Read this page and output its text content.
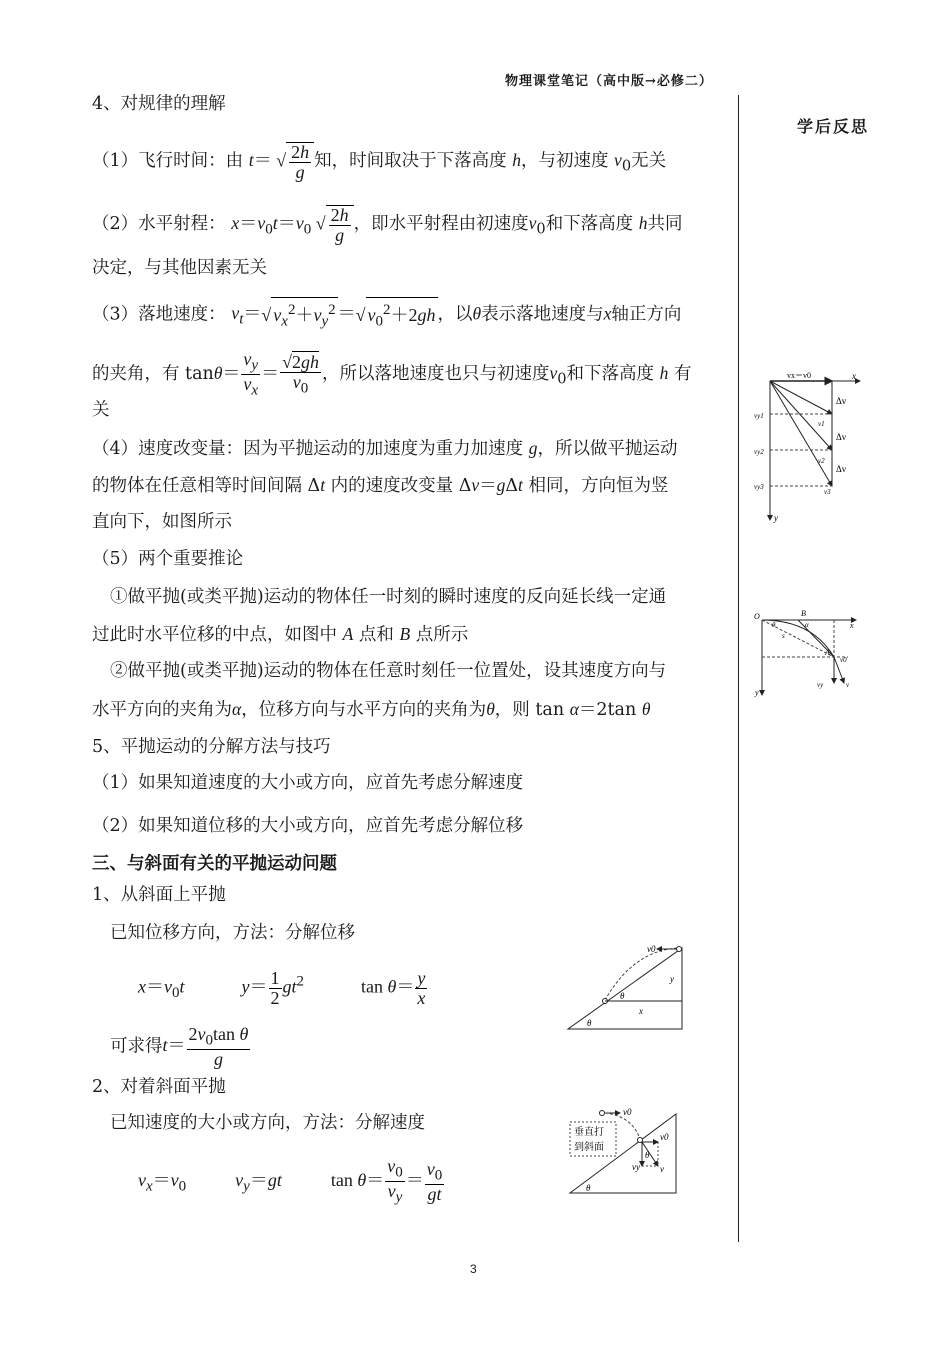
物理课堂笔记（高中版→必修二）
学后反思
4、对规律的理解
（1）飞行时间：由 t＝ √ $\frac{2h}{g}$ 知，时间取决于下落高度 h，与初速度 $v_0$无关
（2）水平射程： $x=v_0t=v_0$ √ $\frac{2h}{g}$ ，即水平射程由初速度$v_0$和下落高度 h共同
决定，与其他因素无关
（3）落地速度： $v_t=√$ $v_x^2+v_y^2$ ＝√ $v_0^2+2gh$ ，以θ表示落地速度与x轴正方向
的夹角，有 $\tan\theta= \frac{v_y}{v_x} = \frac{√2gh}{v_0}$ ，所以落地速度也只与初速度$v_0$和下落高度 h 有
关
（4）速度改变量：因为平抛运动的加速度为重力加速度 g，所以做平抛运动
的物体在任意相等时间间隔 Δt 内的速度改变量 Δv＝gΔt 相同，方向恒为竖
直向下，如图所示
（5）两个重要推论
①做平抛(或类平抛)运动的物体任一时刻的瞬时速度的反向延长线一定通
过此时水平位移的中点，如图中 A 点和 B 点所示
②做平抛(或类平抛)运动的物体在任意时刻任一位置处，设其速度方向与
水平方向的夹角为α，位移方向与水平方向的夹角为θ，则 tan α＝2tan θ
5、平抛运动的分解方法与技巧
（1）如果知道速度的大小或方向，应首先考虑分解速度
（2）如果知道位移的大小或方向，应首先考虑分解位移
三、与斜面有关的平抛运动问题
1、从斜面上平抛
已知位移方向，方法：分解位移
$x=v_0t$	$y= \frac{1}{2} gt^2$	$\tan \theta= \frac{y}{x}$
可求得$t= \frac{2v_0\tan \theta}{g}$
2、对着斜面平抛
已知速度的大小或方向，方法：分解速度
$v_x=v_0$	$v_y=gt$  $\tan \theta= \frac{v_0}{v_y} = \frac{v_0}{gt}$
3
vx＝v0	x
y
Δv
Δv
Δv
v1
v2
v3
vy1
vy2
vy3
O	B
A
x
y
α
θ
s
v0
vy	v
v0
y
x
θ
θ
垂直打
到斜面
v0
v0
vy v
θ
θ
